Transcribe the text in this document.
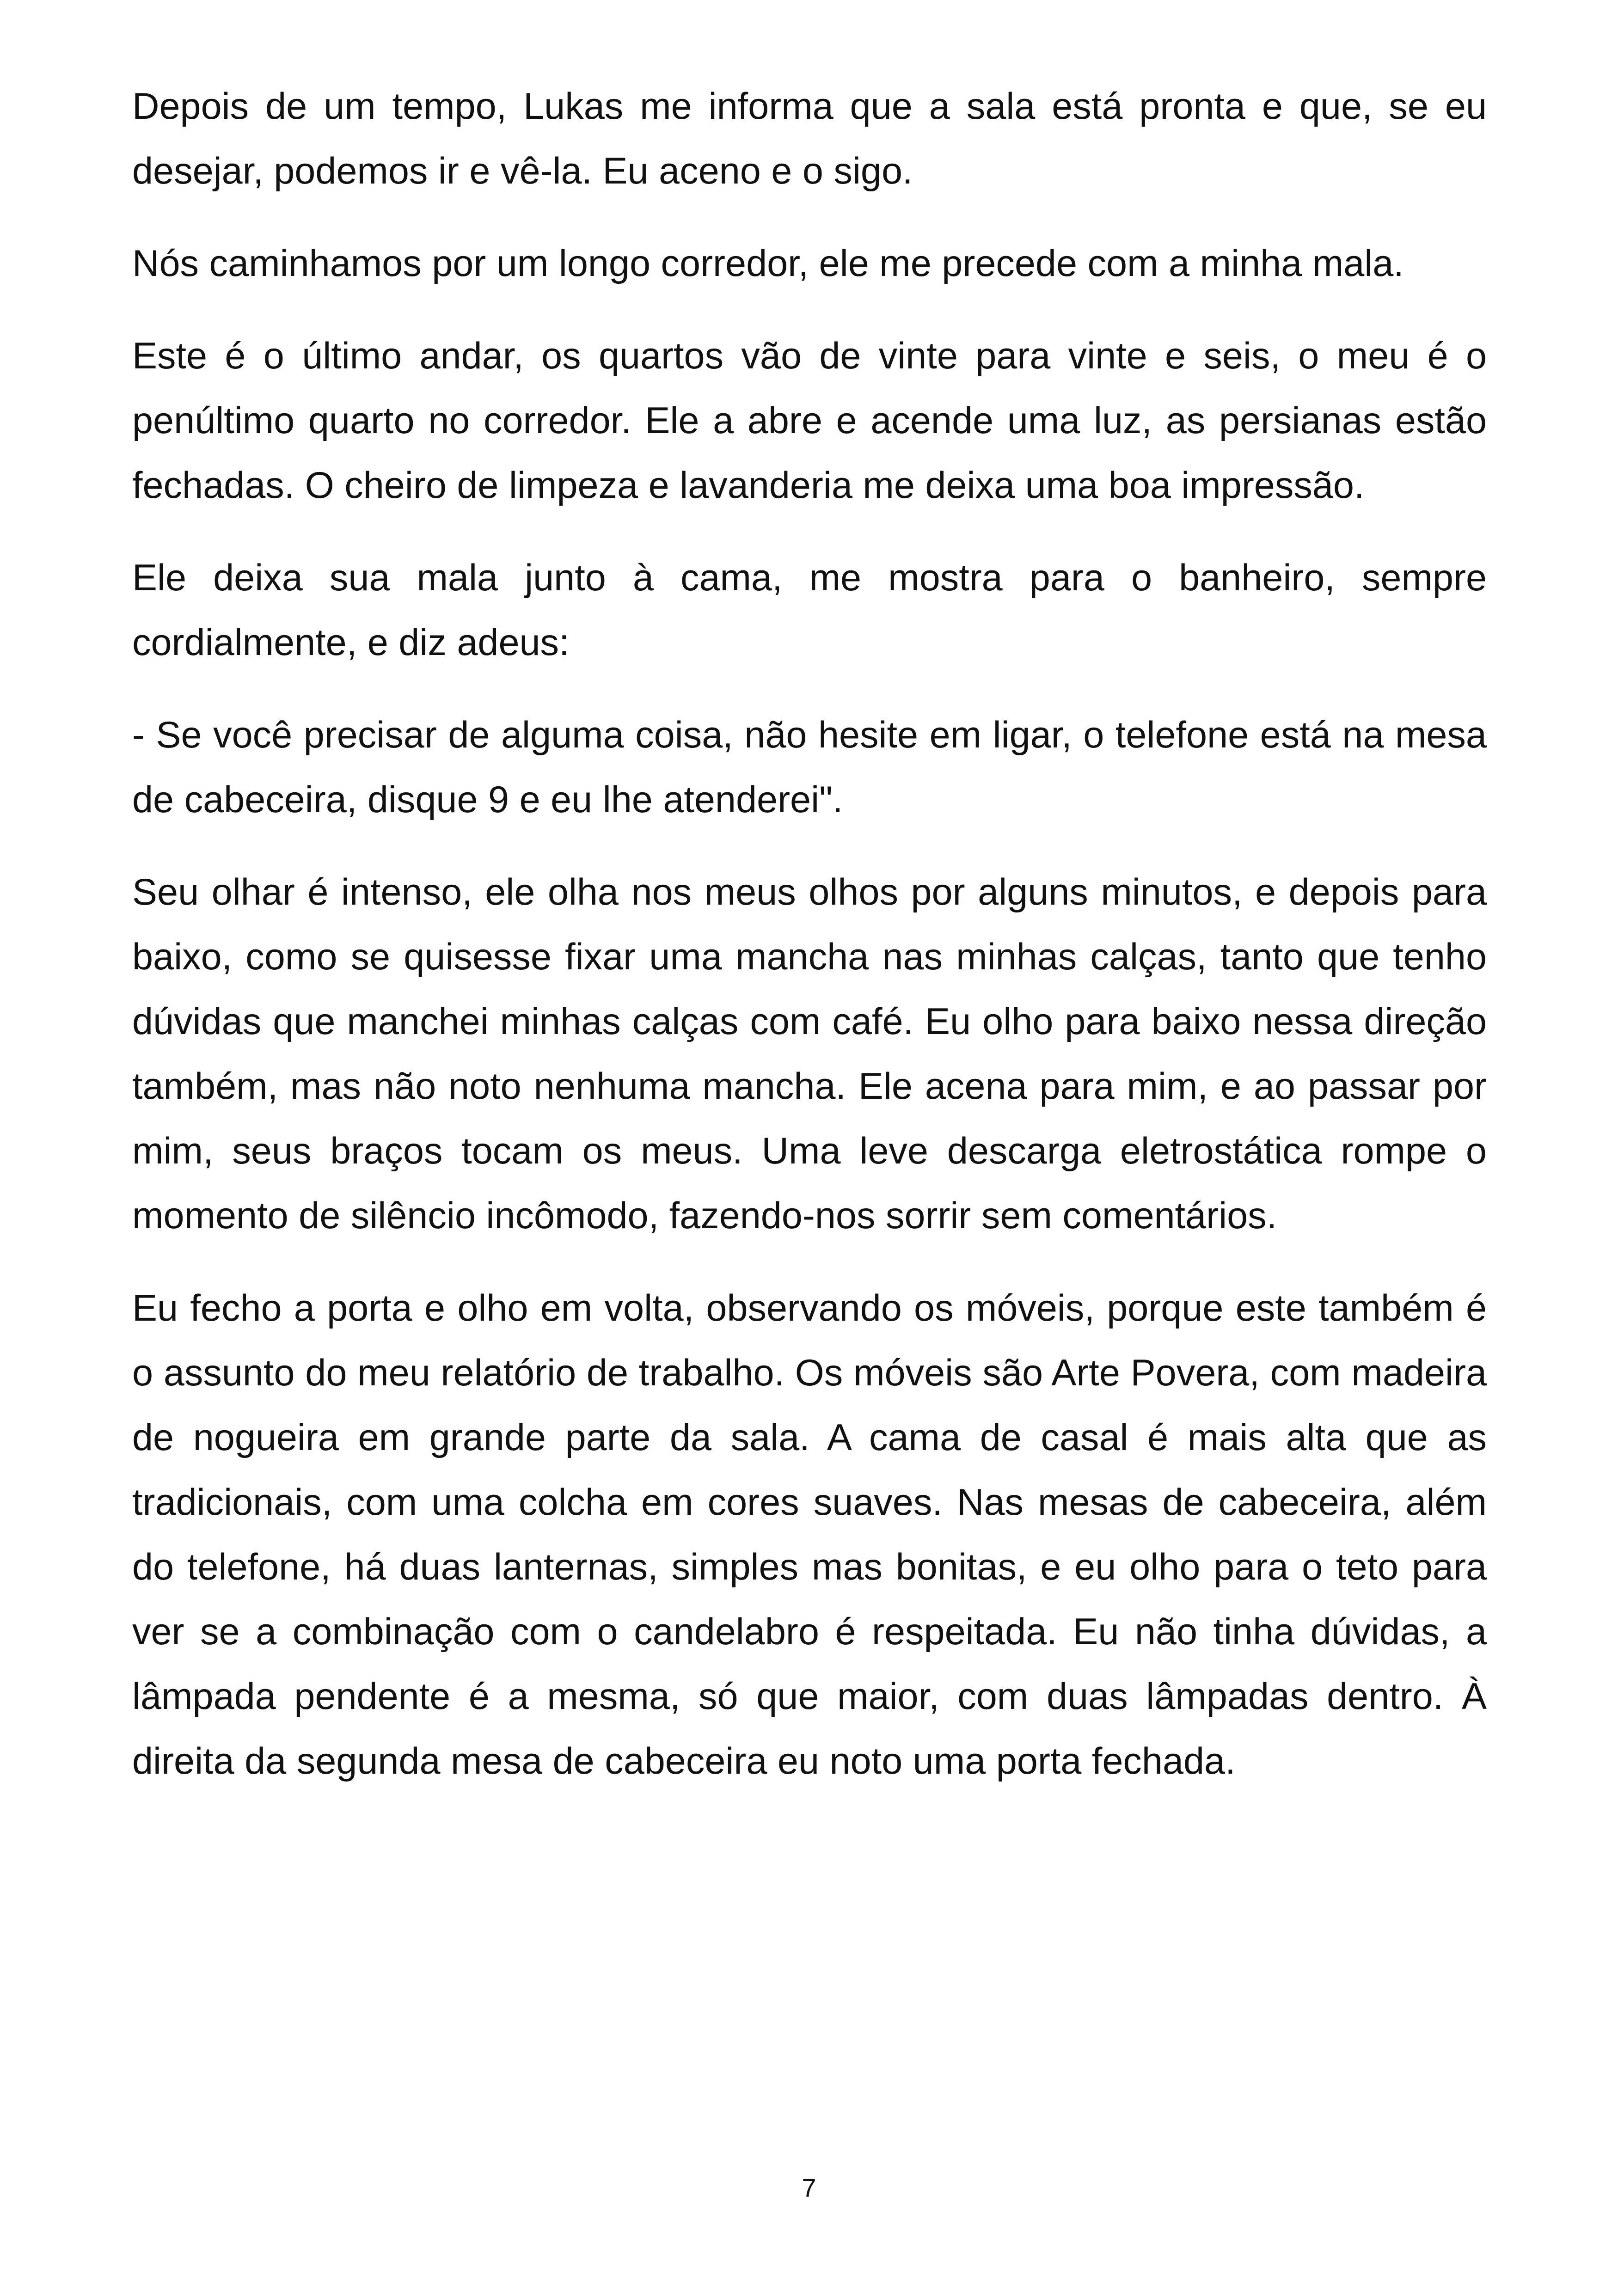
Depois de um tempo, Lukas me informa que a sala está pronta e que, se eu desejar, podemos ir e vê-la. Eu aceno e o sigo.

Nós caminhamos por um longo corredor, ele me precede com a minha mala.

Este é o último andar, os quartos vão de vinte para vinte e seis, o meu é o penúltimo quarto no corredor. Ele a abre e acende uma luz, as persianas estão fechadas. O cheiro de limpeza e lavanderia me deixa uma boa impressão.

Ele deixa sua mala junto à cama, me mostra para o banheiro, sempre cordialmente, e diz adeus:

- Se você precisar de alguma coisa, não hesite em ligar, o telefone está na mesa de cabeceira, disque 9 e eu lhe atenderei".

Seu olhar é intenso, ele olha nos meus olhos por alguns minutos, e depois para baixo, como se quisesse fixar uma mancha nas minhas calças, tanto que tenho dúvidas que manchei minhas calças com café. Eu olho para baixo nessa direção também, mas não noto nenhuma mancha. Ele acena para mim, e ao passar por mim, seus braços tocam os meus. Uma leve descarga eletrostática rompe o momento de silêncio incômodo, fazendo-nos sorrir sem comentários.

Eu fecho a porta e olho em volta, observando os móveis, porque este também é o assunto do meu relatório de trabalho. Os móveis são Arte Povera, com madeira de nogueira em grande parte da sala. A cama de casal é mais alta que as tradicionais, com uma colcha em cores suaves. Nas mesas de cabeceira, além do telefone, há duas lanternas, simples mas bonitas, e eu olho para o teto para ver se a combinação com o candelabro é respeitada. Eu não tinha dúvidas, a lâmpada pendente é a mesma, só que maior, com duas lâmpadas dentro. À direita da segunda mesa de cabeceira eu noto uma porta fechada.

7
